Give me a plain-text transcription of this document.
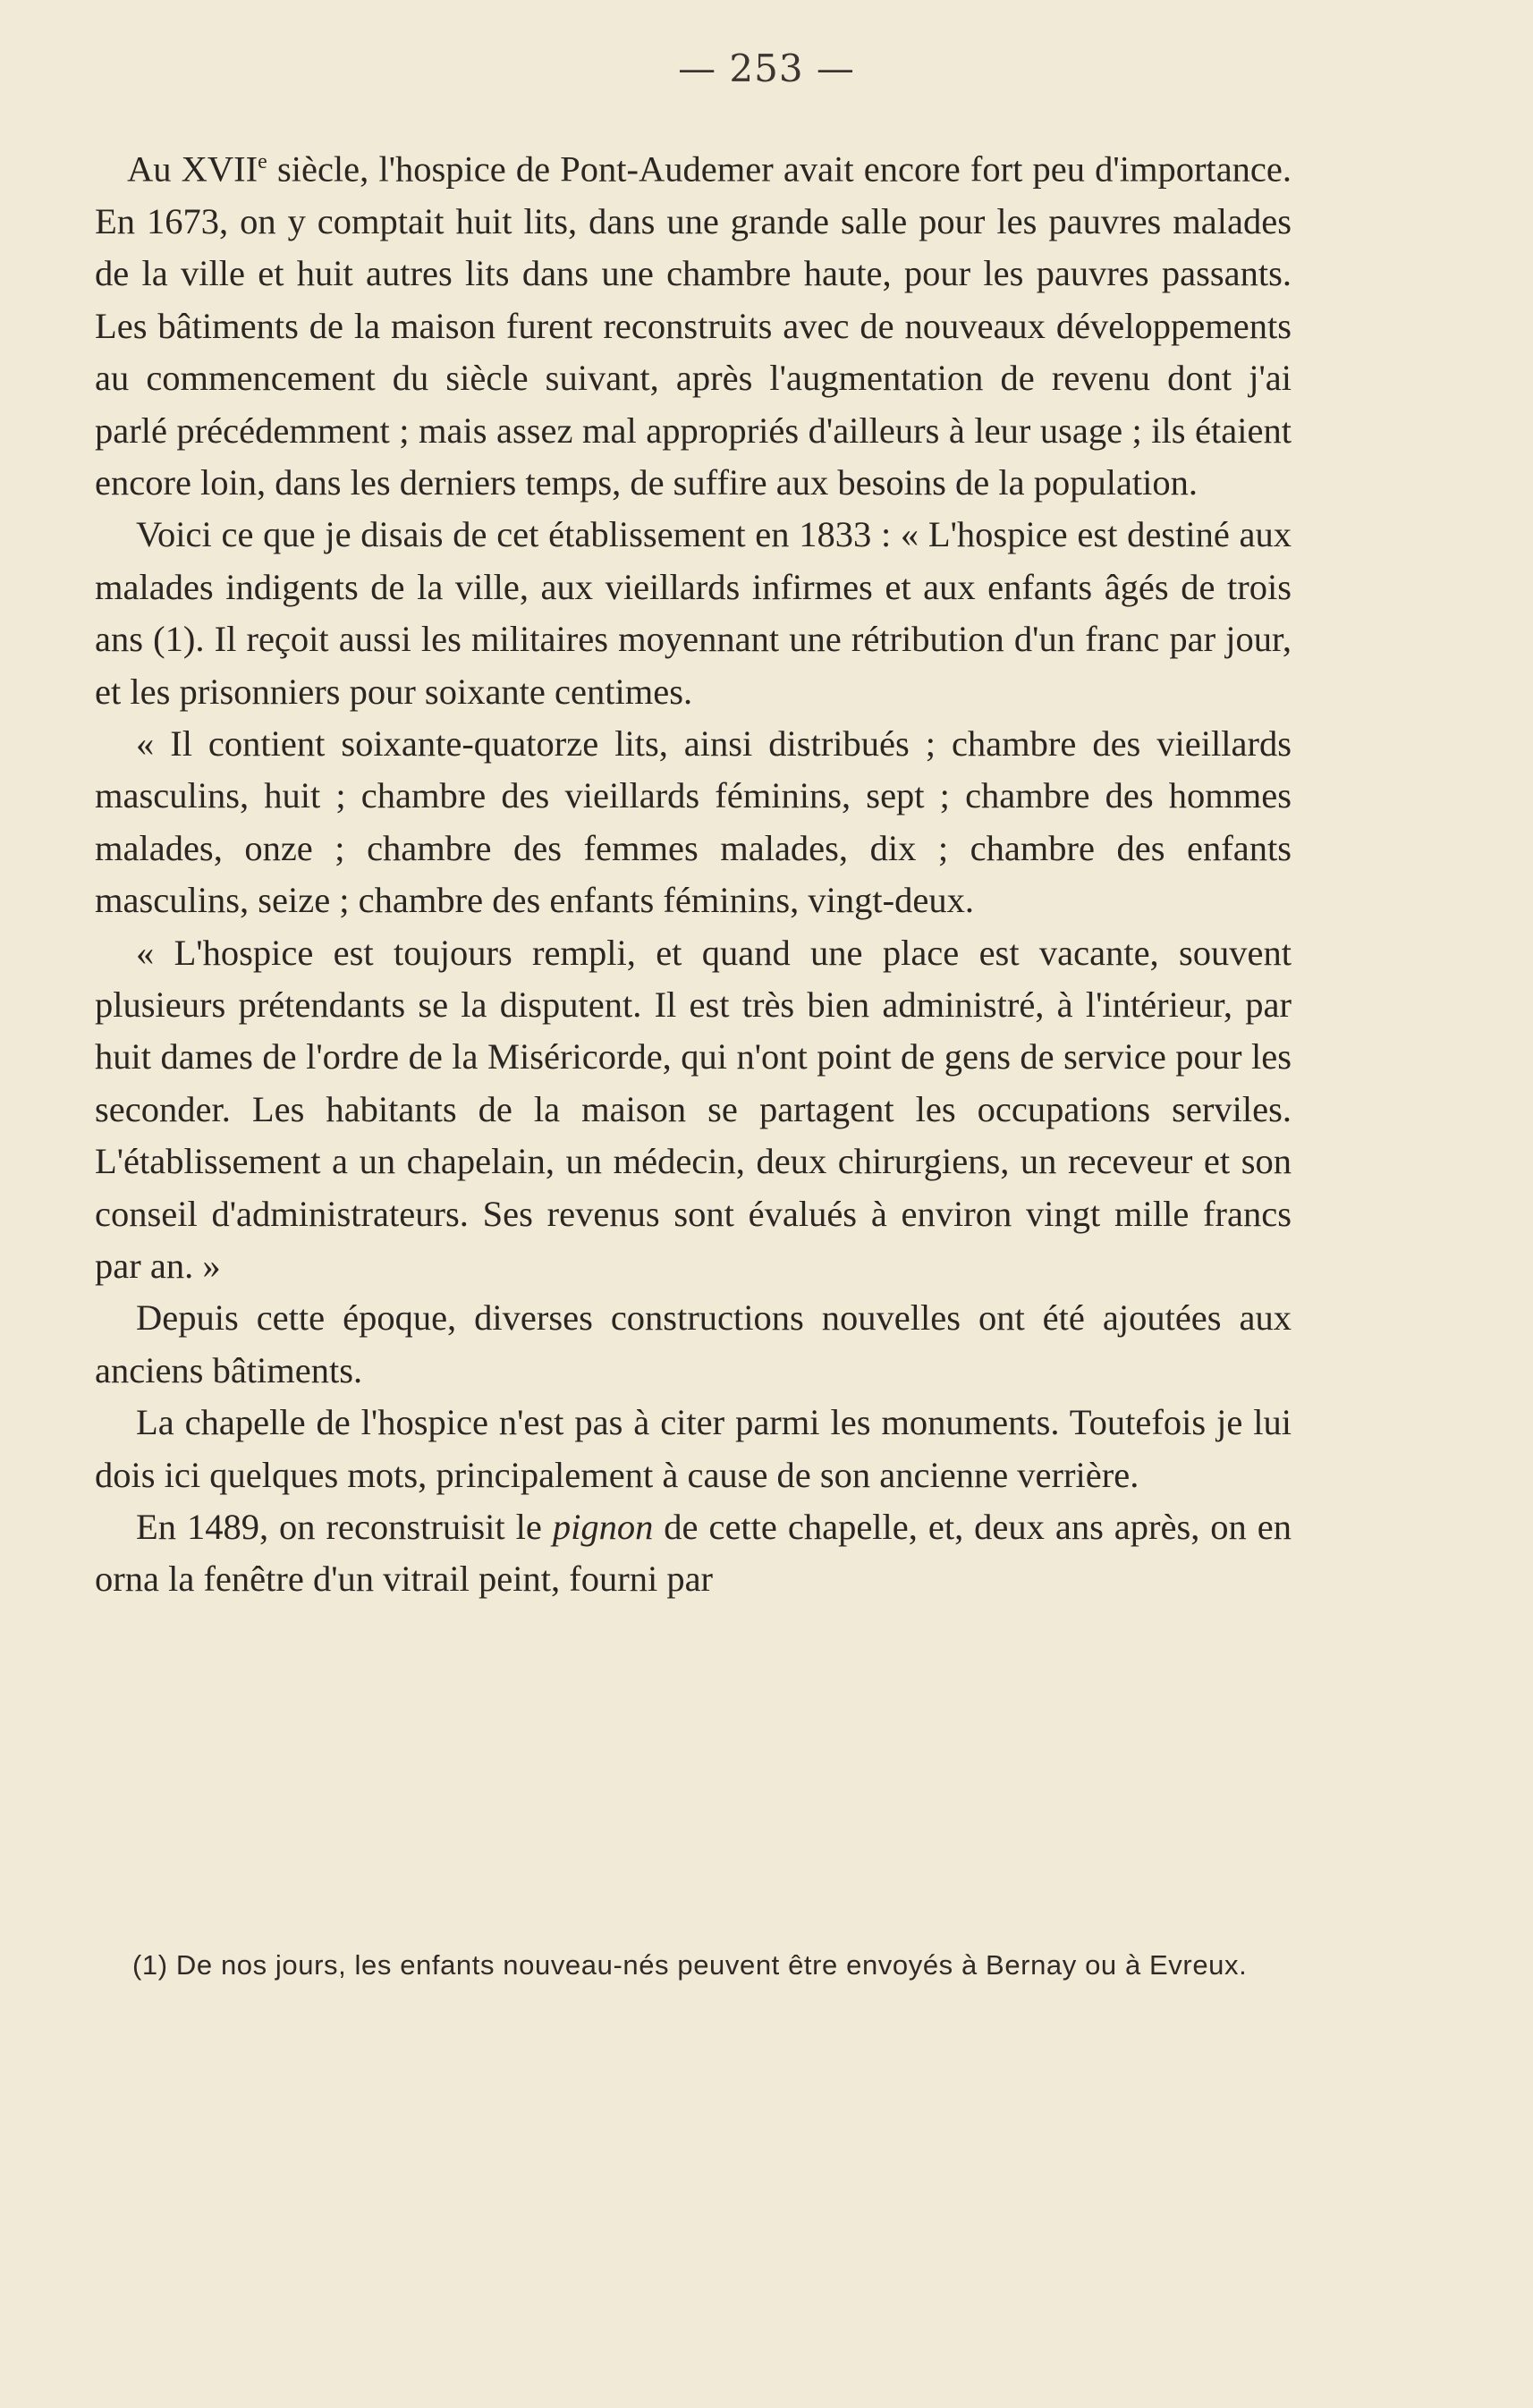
— 253 —

Au XVIIe siècle, l'hospice de Pont-Audemer avait encore fort peu d'importance. En 1673, on y comptait huit lits, dans une grande salle pour les pauvres malades de la ville et huit autres lits dans une chambre haute, pour les pauvres passants. Les bâtiments de la maison furent reconstruits avec de nouveaux développements au commencement du siècle suivant, après l'augmentation de revenu dont j'ai parlé précédemment ; mais assez mal appropriés d'ailleurs à leur usage ; ils étaient encore loin, dans les derniers temps, de suffire aux besoins de la population.

Voici ce que je disais de cet établissement en 1833 : « L'hospice est destiné aux malades indigents de la ville, aux vieillards infirmes et aux enfants âgés de trois ans (1). Il reçoit aussi les militaires moyennant une rétribution d'un franc par jour, et les prisonniers pour soixante centimes.

« Il contient soixante-quatorze lits, ainsi distribués ; chambre des vieillards masculins, huit ; chambre des vieillards féminins, sept ; chambre des hommes malades, onze ; chambre des femmes malades, dix ; chambre des enfants masculins, seize ; chambre des enfants féminins, vingt-deux.

« L'hospice est toujours rempli, et quand une place est vacante, souvent plusieurs prétendants se la disputent. Il est très bien administré, à l'intérieur, par huit dames de l'ordre de la Miséricorde, qui n'ont point de gens de service pour les seconder. Les habitants de la maison se partagent les occupations serviles. L'établissement a un chapelain, un médecin, deux chirurgiens, un receveur et son conseil d'administrateurs. Ses revenus sont évalués à environ vingt mille francs par an. »

Depuis cette époque, diverses constructions nouvelles ont été ajoutées aux anciens bâtiments.

La chapelle de l'hospice n'est pas à citer parmi les monuments. Toutefois je lui dois ici quelques mots, principalement à cause de son ancienne verrière.

En 1489, on reconstruisit le pignon de cette chapelle, et, deux ans après, on en orna la fenêtre d'un vitrail peint, fourni par

(1) De nos jours, les enfants nouveau-nés peuvent être envoyés à Bernay ou à Evreux.
